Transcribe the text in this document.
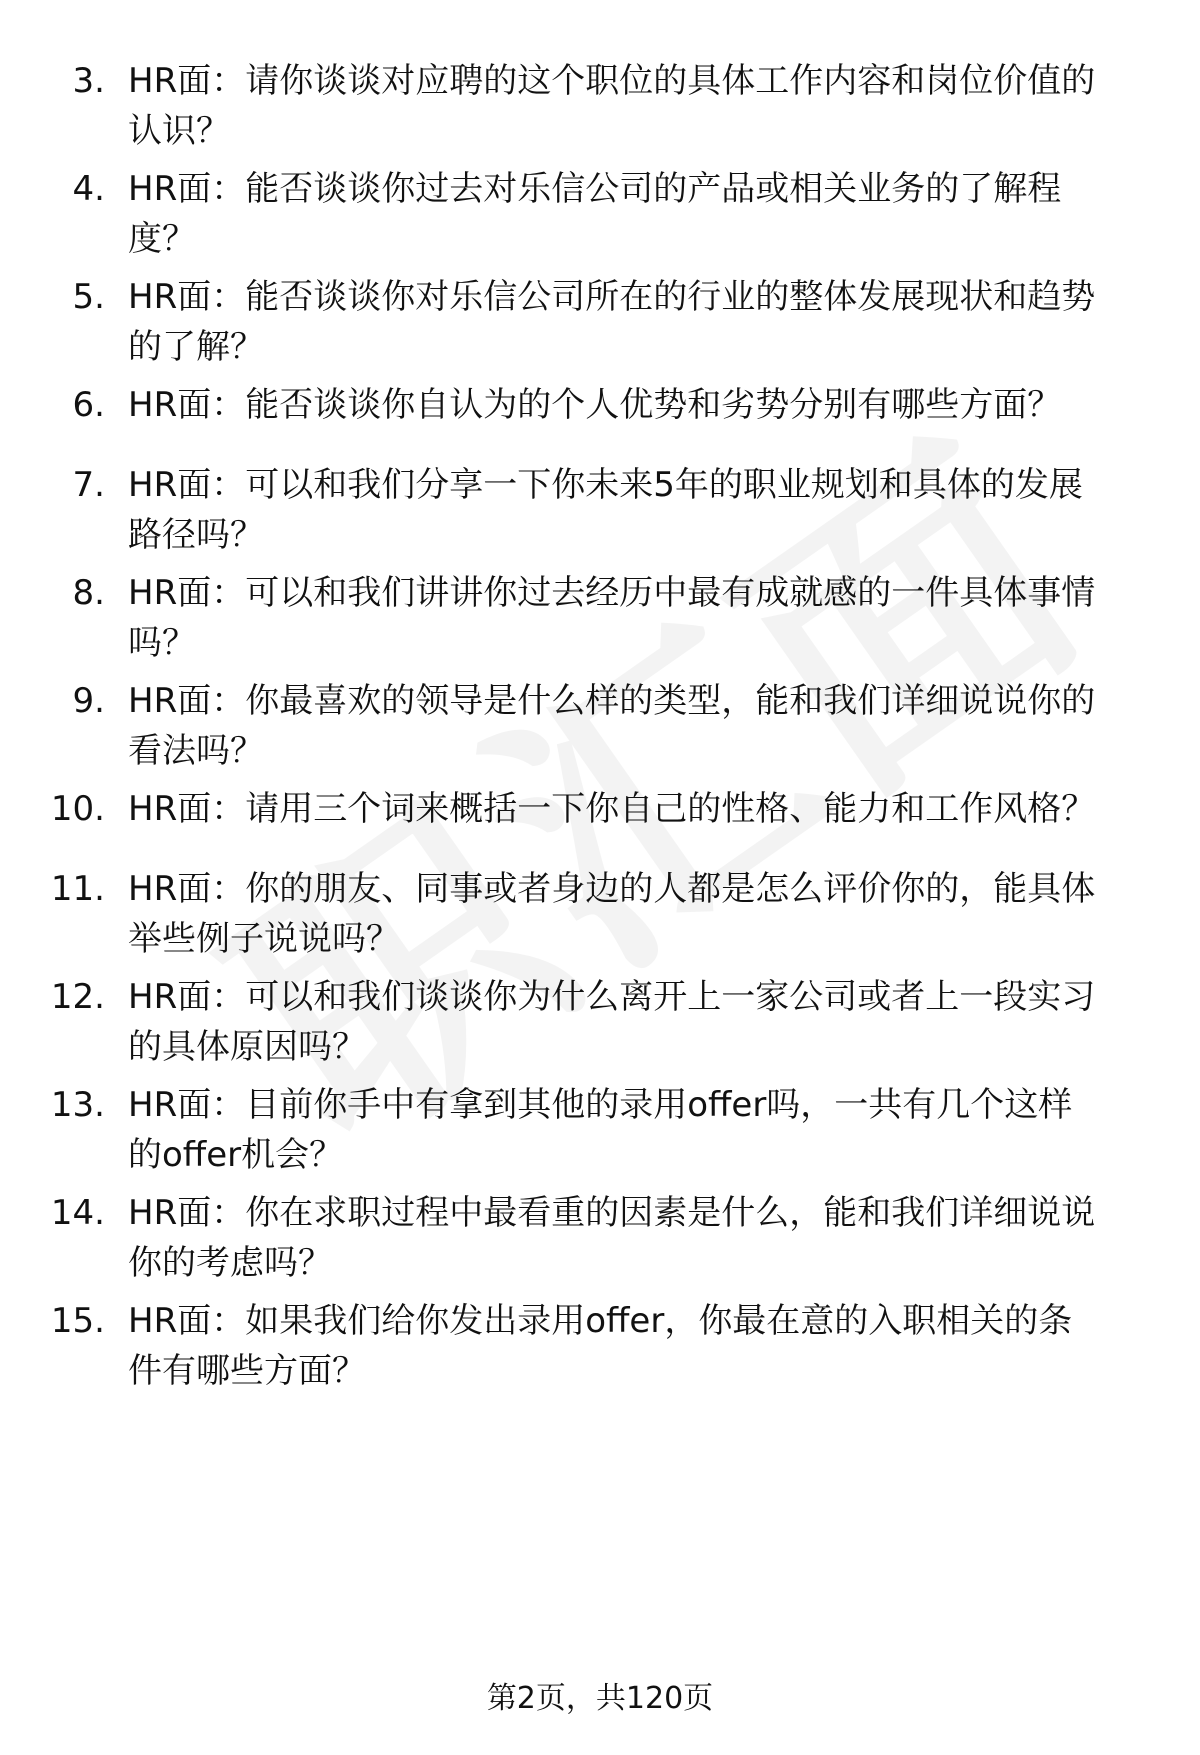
3. HR面：请你谈谈对应聘的这个职位的具体工作内容和岗位价值的
认识？
4. HR面：能否谈谈你过去对乐信公司的产品或相关业务的了解程
度？
5. HR面：能否谈谈你对乐信公司所在的行业的整体发展现状和趋势
的了解？
6. HR面：能否谈谈你自认为的个人优势和劣势分别有哪些方面？
7. HR面：可以和我们分享一下你未来5年的职业规划和具体的发展
路径吗？
8. HR面：可以和我们讲讲你过去经历中最有成就感的一件具体事情
吗？
9. HR面：你最喜欢的领导是什么样的类型，能和我们详细说说你的
看法吗？
10. HR面：请用三个词来概括一下你自己的性格、能力和工作风格？
11. HR面：你的朋友、同事或者身边的人都是怎么评价你的，能具体
举些例子说说吗？
12. HR面：可以和我们谈谈你为什么离开上一家公司或者上一段实习
的具体原因吗？
13. HR面：目前你手中有拿到其他的录用offer吗，一共有几个这样
的offer机会？
14. HR面：你在求职过程中最看重的因素是什么，能和我们详细说说
你的考虑吗？
15. HR面：如果我们给你发出录用offer，你最在意的入职相关的条
件有哪些方面？
第2页，共120页
